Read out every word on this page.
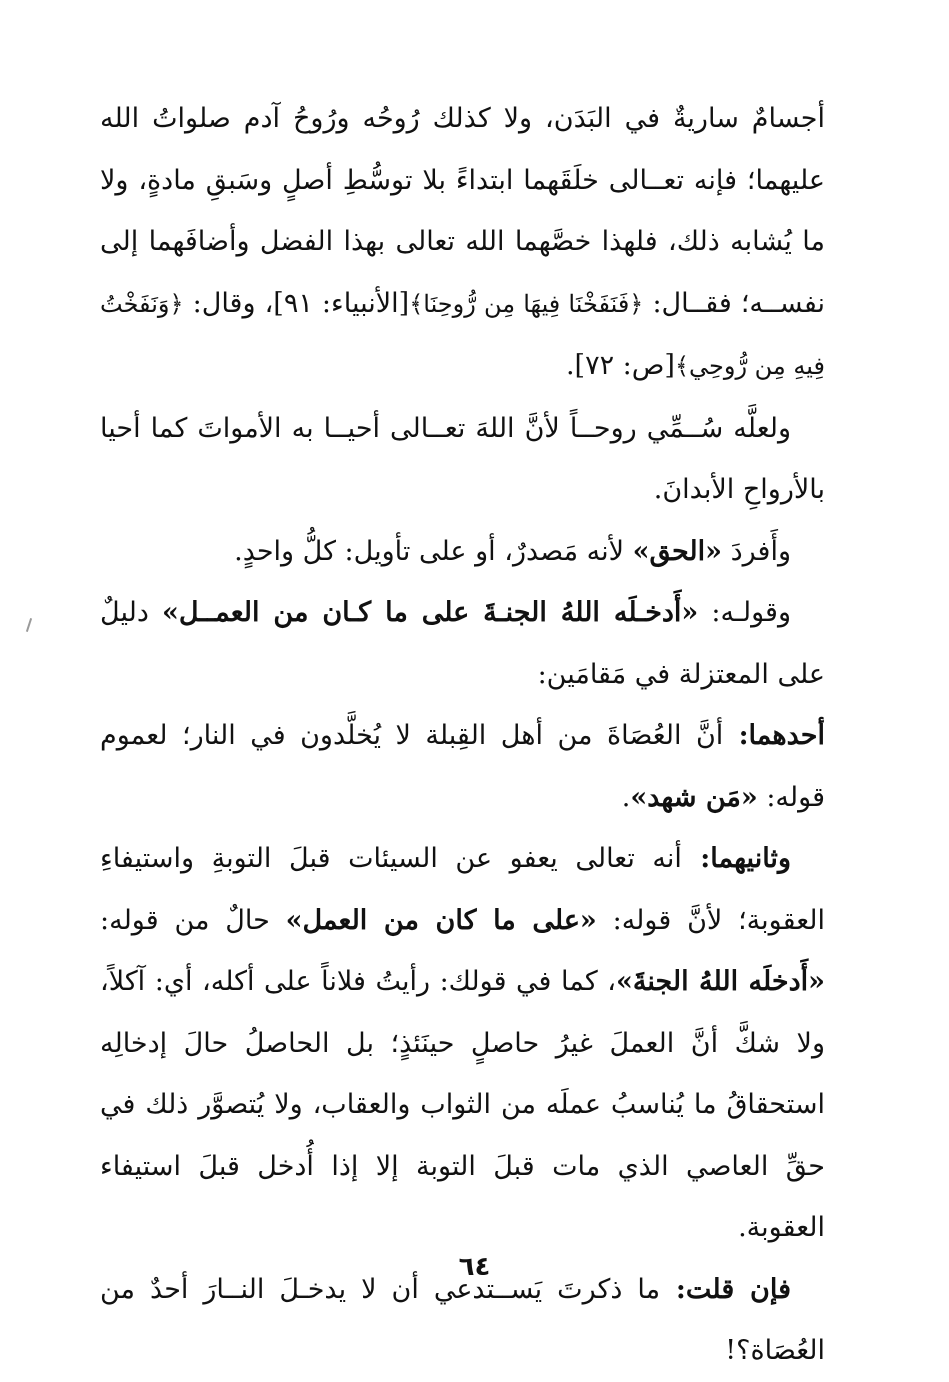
أجسامٌ ساريةٌ في البَدَن، ولا كذلك رُوحُه ورُوحُ آدم صلواتُ الله عليهما؛ فإنه تعــالى خلَقَهما ابتداءً بلا توسُّطِ أصلٍ وسَبقِ مادةٍ، ولا ما يُشابه ذلك، فلهذا خصَّهما الله تعالى بهذا الفضل وأضافَهما إلى نفســه؛ فقــال: ﴿فَنَفَخْنَا فِيهَا مِن رُّوحِنَا﴾[الأنبياء: ٩١]، وقال: ﴿وَنَفَخْتُ فِيهِ مِن رُّوحِي﴾[ص: ٧٢].

ولعلَّه سُــمِّي روحــاً لأنَّ اللهَ تعــالى أحيــا به الأمواتَ كما أحيا بالأرواحِ الأبدانَ.

وأَفردَ «الحق» لأنه مَصدرٌ، أو على تأويل: كلُّ واحدٍ.

وقولـه: «أَدخـلَه اللهُ الجنـةَ على ما كـان من العمــل» دليلٌ على المعتزلة في مَقامَين:

أحدهما: أنَّ العُصَاةَ من أهل القِبلة لا يُخلَّدون في النار؛ لعموم قوله: «مَن شهد».

وثانيهما: أنه تعالى يعفو عن السيئات قبلَ التوبةِ واستيفاءِ العقوبة؛ لأنَّ قوله: «على ما كان من العمل» حالٌ من قوله: «أَدخلَه اللهُ الجنةَ»، كما في قولك: رأيتُ فلاناً على أكله، أي: آكلاً، ولا شكَّ أنَّ العملَ غيرُ حاصلٍ حينَئذٍ؛ بل الحاصلُ حالَ إدخالِه استحقاقُ ما يُناسبُ عملَه من الثواب والعقاب، ولا يُتصوَّر ذلك في حقِّ العاصي الذي مات قبلَ التوبة إلا إذا أُدخل قبلَ استيفاء العقوبة.

فإن قلت: ما ذكرتَ يَســتدعي أن لا يدخـلَ النــارَ أحدٌ من العُصَاة؟!

٦٤
